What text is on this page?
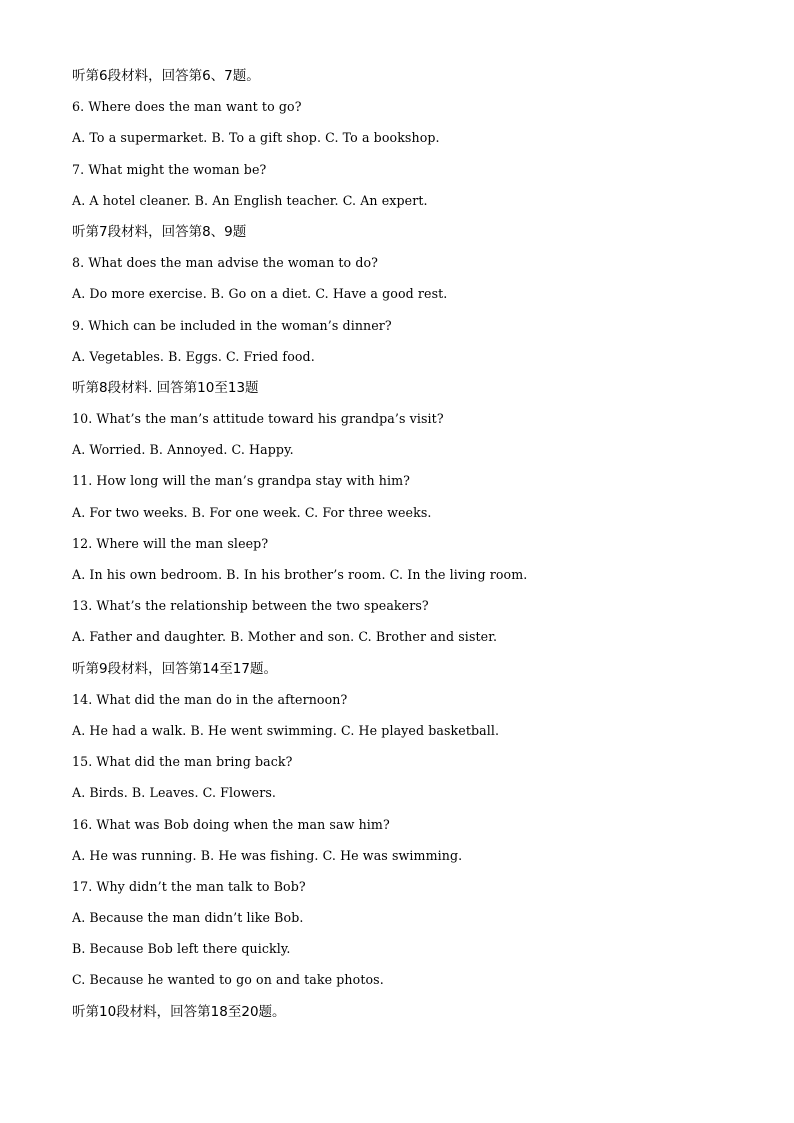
听第6段材料，回答第6、7题。
6. Where does the man want to go?
A. To a supermarket. B. To a gift shop. C. To a bookshop.
7. What might the woman be?
A. A hotel cleaner. B. An English teacher. C. An expert.
听第7段材料，回答第8、9题
8. What does the man advise the woman to do?
A. Do more exercise. B. Go on a diet. C. Have a good rest.
9. Which can be included in the woman’s dinner?
A. Vegetables. B. Eggs. C. Fried food.
听第8段材料. 回答第10至13题
10. What’s the man’s attitude toward his grandpa’s visit?
A. Worried. B. Annoyed. C. Happy.
11. How long will the man’s grandpa stay with him?
A. For two weeks. B. For one week. C. For three weeks.
12. Where will the man sleep?
A. In his own bedroom. B. In his brother’s room. C. In the living room.
13. What’s the relationship between the two speakers?
A. Father and daughter. B. Mother and son. C. Brother and sister.
听第9段材料，回答第14至17题。
14. What did the man do in the afternoon?
A. He had a walk. B. He went swimming. C. He played basketball.
15. What did the man bring back?
A. Birds. B. Leaves. C. Flowers.
16. What was Bob doing when the man saw him?
A. He was running. B. He was fishing. C. He was swimming.
17. Why didn’t the man talk to Bob?
A. Because the man didn’t like Bob.
B. Because Bob left there quickly.
C. Because he wanted to go on and take photos.
听第10段材料，回答第18至20题。
